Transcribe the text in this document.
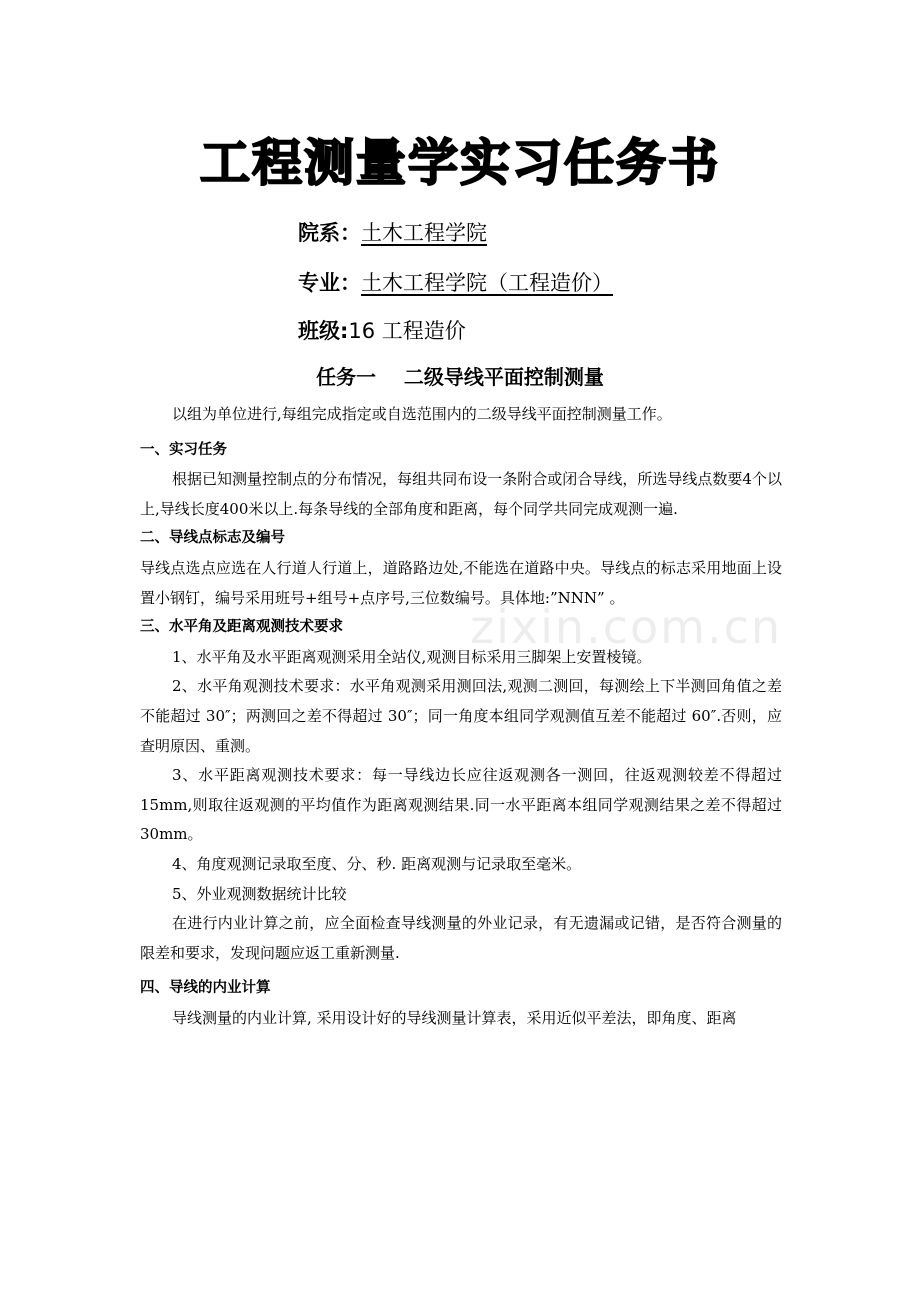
工程测量学实习任务书
院系：土木工程学院
专业：土木工程学院（工程造价）
班级:16 工程造价
任务一    二级导线平面控制测量
zixin.com.cn

以组为单位进行,每组完成指定或自选范围内的二级导线平面控制测量工作。

一、实习任务

根据已知测量控制点的分布情况，每组共同布设一条附合或闭合导线，所选导线点数要4个以上,导线长度400米以上.每条导线的全部角度和距离，每个同学共同完成观测一遍.

二、导线点标志及编号

导线点选点应选在人行道人行道上，道路路边处,不能选在道路中央。导线点的标志采用地面上设置小钢钉，编号采用班号+组号+点序号,三位数编号。具体地:”NNN” 。

三、水平角及距离观测技术要求

1、水平角及水平距离观测采用全站仪,观测目标采用三脚架上安置棱镜。

2、水平角观测技术要求：水平角观测采用测回法,观测二测回，每测绘上下半测回角值之差不能超过 30″；两测回之差不得超过 30″；同一角度本组同学观测值互差不能超过 60″.否则，应查明原因、重测。

3、水平距离观测技术要求：每一导线边长应往返观测各一测回，往返观测较差不得超过 15mm,则取往返观测的平均值作为距离观测结果.同一水平距离本组同学观测结果之差不得超过 30mm。

4、角度观测记录取至度、分、秒. 距离观测与记录取至毫米。

5、外业观测数据统计比较

在进行内业计算之前，应全面检查导线测量的外业记录，有无遗漏或记错，是否符合测量的限差和要求，发现问题应返工重新测量.

四、导线的内业计算

导线测量的内业计算, 采用设计好的导线测量计算表，采用近似平差法，即角度、距离
